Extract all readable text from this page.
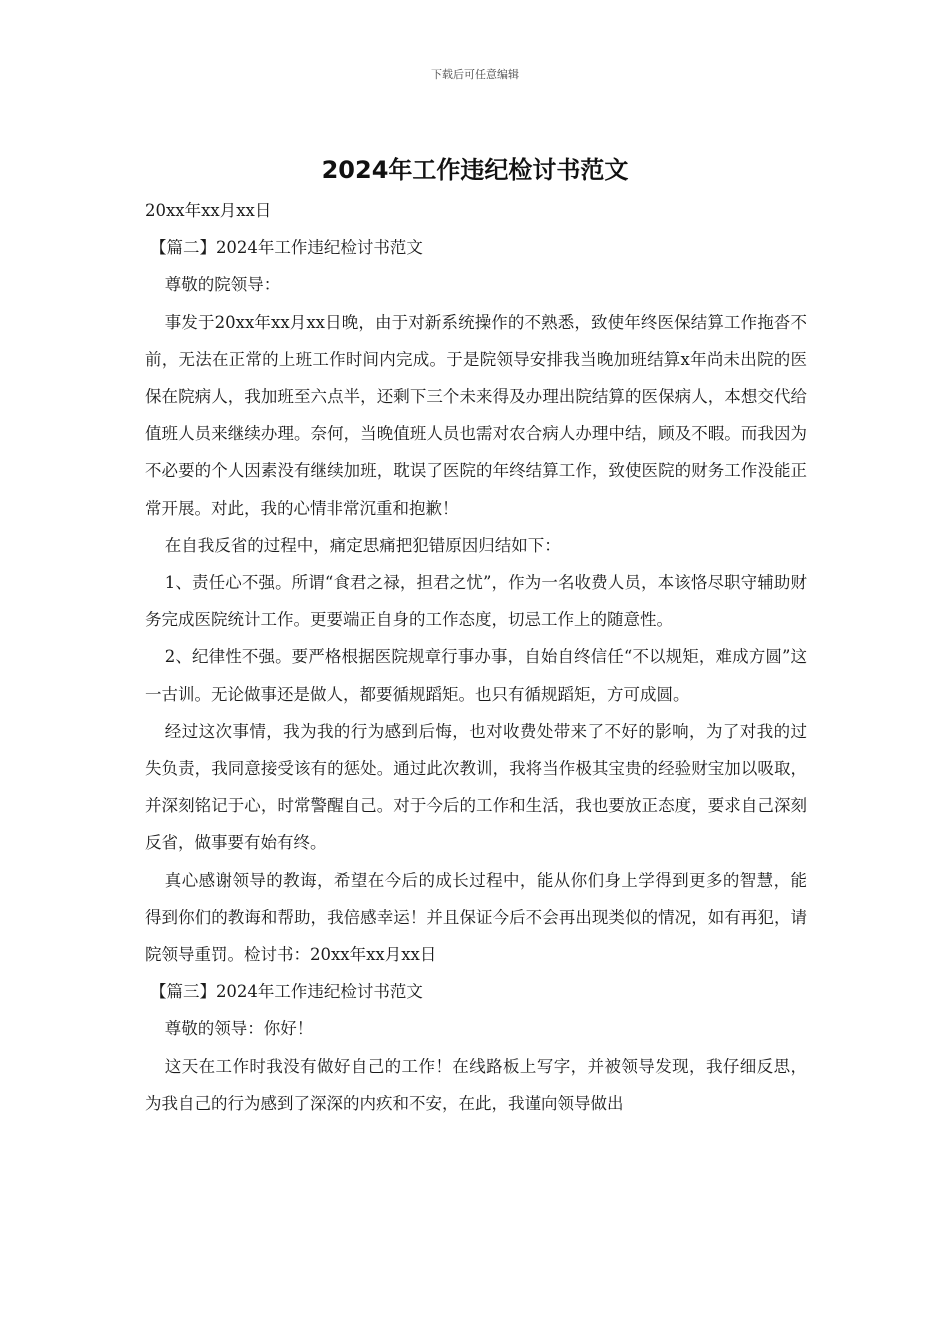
下载后可任意编辑
2024年工作违纪检讨书范文

20xx年xx月xx日

【篇二】2024年工作违纪检讨书范文

尊敬的院领导：

事发于20xx年xx月xx日晚，由于对新系统操作的不熟悉，致使年终医保结算工作拖沓不前，无法在正常的上班工作时间内完成。于是院领导安排我当晚加班结算x年尚未出院的医保在院病人，我加班至六点半，还剩下三个未来得及办理出院结算的医保病人，本想交代给值班人员来继续办理。奈何，当晚值班人员也需对农合病人办理中结，顾及不暇。而我因为不必要的个人因素没有继续加班，耽误了医院的年终结算工作，致使医院的财务工作没能正常开展。对此，我的心情非常沉重和抱歉！

在自我反省的过程中，痛定思痛把犯错原因归结如下：

1、责任心不强。所谓“食君之禄，担君之忧”，作为一名收费人员，本该恪尽职守辅助财务完成医院统计工作。更要端正自身的工作态度，切忌工作上的随意性。

2、纪律性不强。要严格根据医院规章行事办事，自始自终信任“不以规矩，难成方圆”这一古训。无论做事还是做人，都要循规蹈矩。也只有循规蹈矩，方可成圆。

经过这次事情，我为我的行为感到后悔，也对收费处带来了不好的影响，为了对我的过失负责，我同意接受该有的惩处。通过此次教训，我将当作极其宝贵的经验财宝加以吸取，并深刻铭记于心，时常警醒自己。对于今后的工作和生活，我也要放正态度，要求自己深刻反省，做事要有始有终。

真心感谢领导的教诲，希望在今后的成长过程中，能从你们身上学得到更多的智慧，能得到你们的教诲和帮助，我倍感幸运！并且保证今后不会再出现类似的情况，如有再犯，请院领导重罚。检讨书：20xx年xx月xx日

【篇三】2024年工作违纪检讨书范文

尊敬的领导：你好！

这天在工作时我没有做好自己的工作！在线路板上写字，并被领导发现，我仔细反思，为我自己的行为感到了深深的内疚和不安，在此，我谨向领导做出
